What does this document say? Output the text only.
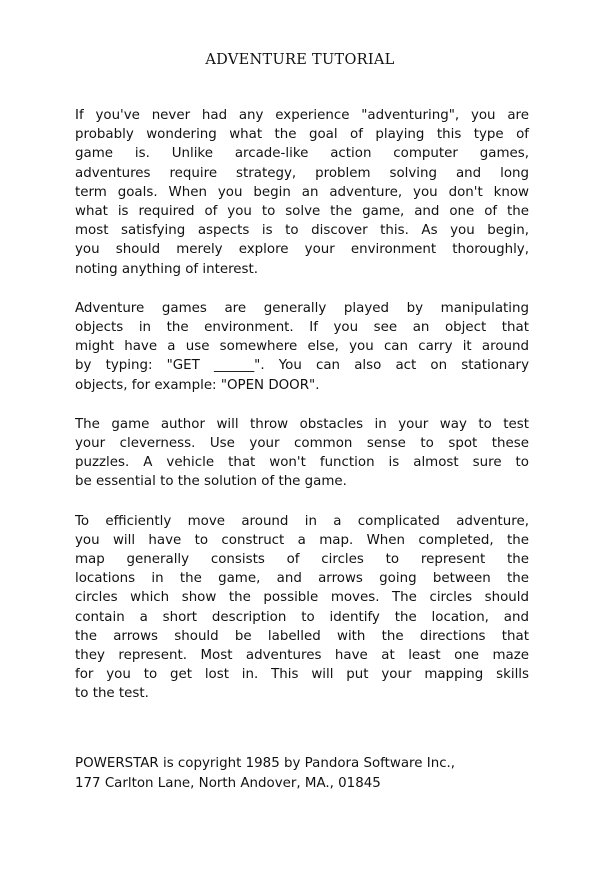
ADVENTURE TUTORIAL

If you've never had any experience "adventuring", you are
probably wondering what the goal of playing this type of
game is. Unlike arcade-like action computer games,
adventures require strategy, problem solving and long
term goals. When you begin an adventure, you don't know
what is required of you to solve the game, and one of the
most satisfying aspects is to discover this. As you begin,
you should merely explore your environment thoroughly,
noting anything of interest.

Adventure games are generally played by manipulating
objects in the environment. If you see an object that
might have a use somewhere else, you can carry it around
by typing: "GET ______". You can also act on stationary
objects, for example: "OPEN DOOR".

The game author will throw obstacles in your way to test
your cleverness. Use your common sense to spot these
puzzles. A vehicle that won't function is almost sure to
be essential to the solution of the game.

To efficiently move around in a complicated adventure,
you will have to construct a map. When completed, the
map generally consists of circles to represent the
locations in the game, and arrows going between the
circles which show the possible moves. The circles should
contain a short description to identify the location, and
the arrows should be labelled with the directions that
they represent. Most adventures have at least one maze
for you to get lost in. This will put your mapping skills
to the test.

POWERSTAR is copyright 1985 by Pandora Software Inc.,
177 Carlton Lane, North Andover, MA., 01845
